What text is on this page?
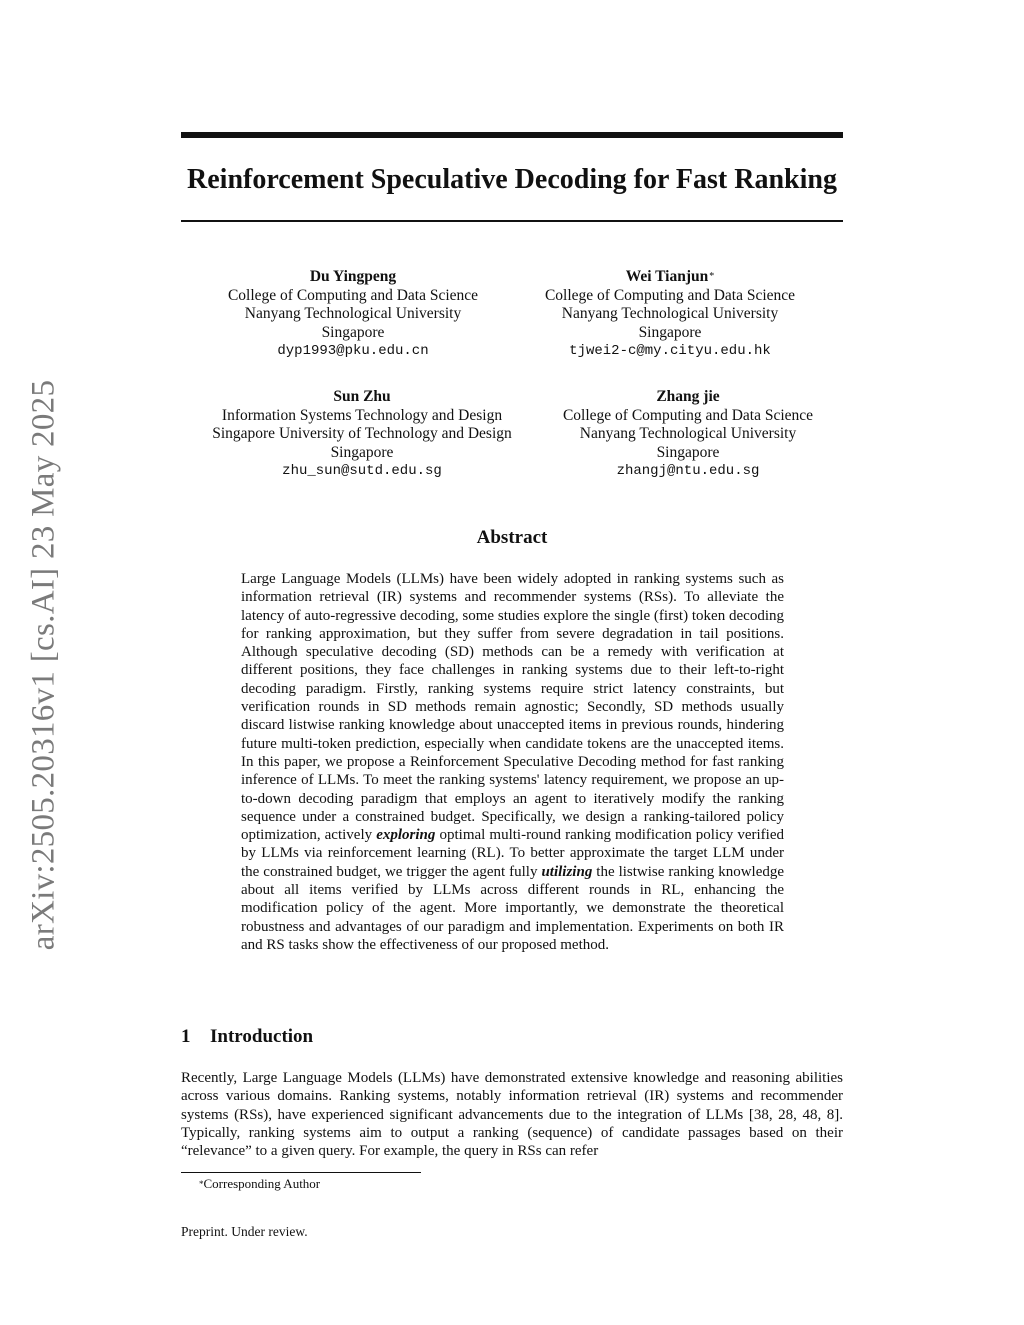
arXiv:2505.20316v1 [cs.AI] 23 May 2025
Reinforcement Speculative Decoding for Fast Ranking
Du Yingpeng
College of Computing and Data Science
Nanyang Technological University
Singapore
dyp1993@pku.edu.cn
Wei Tianjun*
College of Computing and Data Science
Nanyang Technological University
Singapore
tjwei2-c@my.cityu.edu.hk
Sun Zhu
Information Systems Technology and Design
Singapore University of Technology and Design
Singapore
zhu_sun@sutd.edu.sg
Zhang jie
College of Computing and Data Science
Nanyang Technological University
Singapore
zhangj@ntu.edu.sg
Abstract

Large Language Models (LLMs) have been widely adopted in ranking systems such as information retrieval (IR) systems and recommender systems (RSs). To alleviate the latency of auto-regressive decoding, some studies explore the single (first) token decoding for ranking approximation, but they suffer from severe degradation in tail positions. Although speculative decoding (SD) methods can be a remedy with verification at different positions, they face challenges in ranking systems due to their left-to-right decoding paradigm. Firstly, ranking systems require strict latency constraints, but verification rounds in SD methods remain agnostic; Secondly, SD methods usually discard listwise ranking knowledge about unaccepted items in previous rounds, hindering future multi-token prediction, especially when candidate tokens are the unaccepted items. In this paper, we propose a Reinforcement Speculative Decoding method for fast ranking inference of LLMs. To meet the ranking systems' latency requirement, we propose an up-to-down decoding paradigm that employs an agent to iteratively modify the ranking sequence under a constrained budget. Specifically, we design a ranking-tailored policy optimization, actively exploring optimal multi-round ranking modification policy verified by LLMs via reinforcement learning (RL). To better approximate the target LLM under the constrained budget, we trigger the agent fully utilizing the listwise ranking knowledge about all items verified by LLMs across different rounds in RL, enhancing the modification policy of the agent. More importantly, we demonstrate the theoretical robustness and advantages of our paradigm and implementation. Experiments on both IR and RS tasks show the effectiveness of our proposed method.

1 Introduction

Recently, Large Language Models (LLMs) have demonstrated extensive knowledge and reasoning abilities across various domains. Ranking systems, notably information retrieval (IR) systems and recommender systems (RSs), have experienced significant advancements due to the integration of LLMs [38, 28, 48, 8]. Typically, ranking systems aim to output a ranking (sequence) of candidate passages based on their “relevance” to a given query. For example, the query in RSs can refer

*Corresponding Author
Preprint. Under review.
